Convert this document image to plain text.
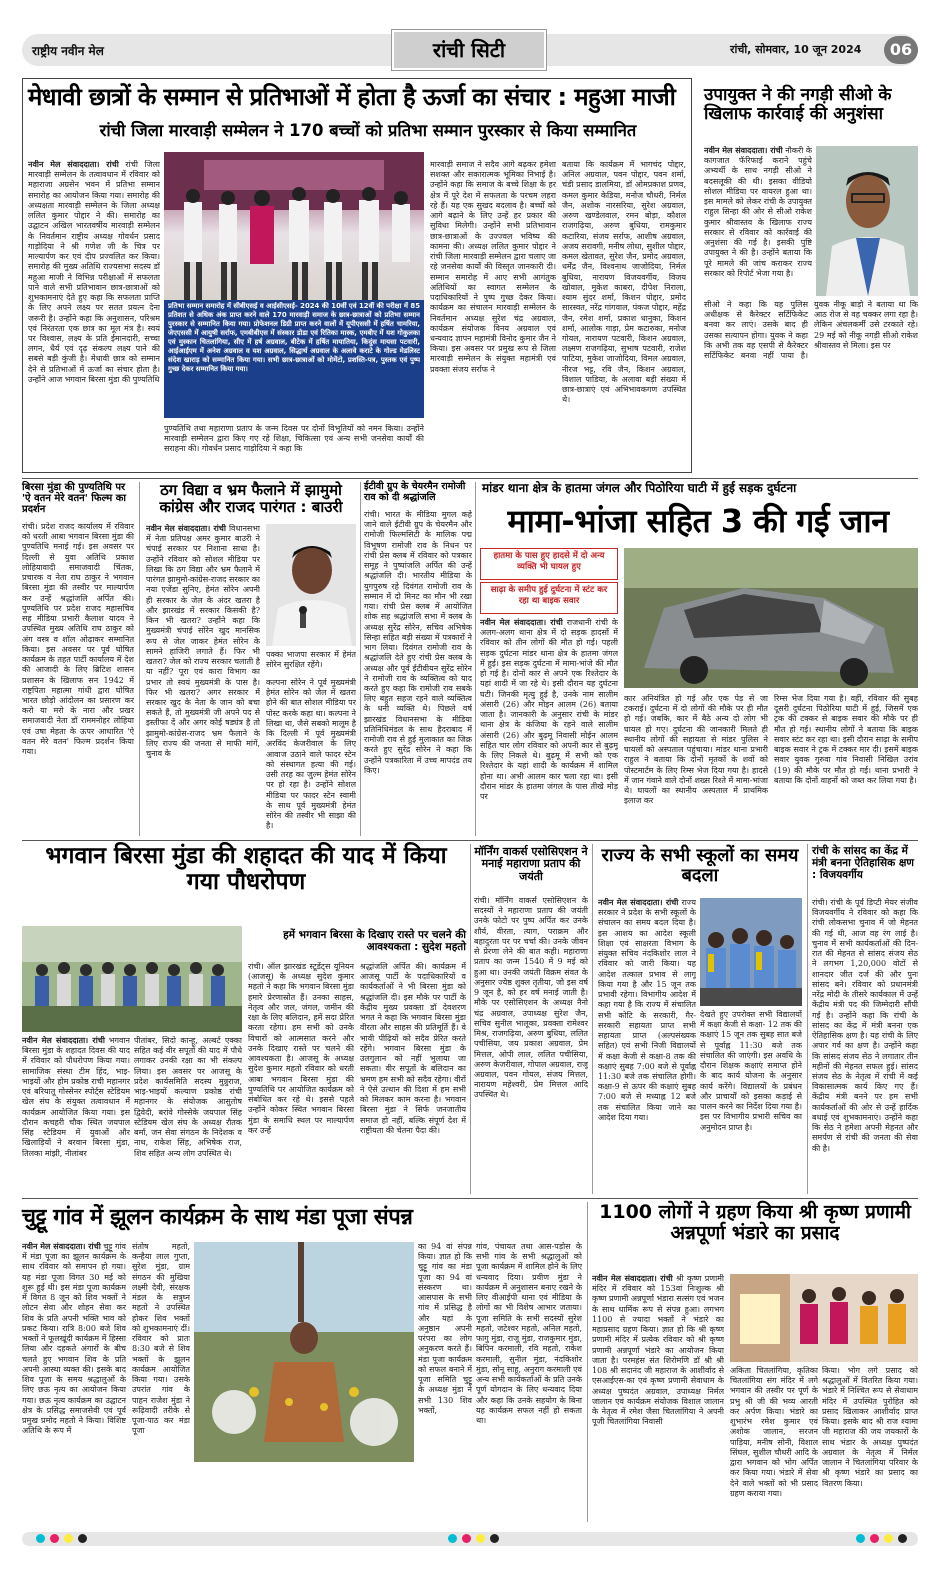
राष्ट्रीय नवीन मेल	रांची सिटी	रांची, सोमवार, 10 जून 2024	06
मेधावी छात्रों के सम्मान से प्रतिभाओं में होता है ऊर्जा का संचार : महुआ माजी
रांची जिला मारवाड़ी सम्मेलन ने 170 बच्चों को प्रतिभा सम्मान पुरस्कार से किया सम्मानित
नवीन मेल संवाददाता। रांची रांची जिला मारवाड़ी सम्मेलन के तत्वावधान में रविवार को महाराजा अग्रसेन भवन में प्रतिभा सम्मान समारोह का आयोजन किया गया। समारोह की अध्यक्षता मारवाड़ी सम्मेलन के जिला अध्यक्ष ललित कुमार पोद्दार ने की। समारोह का उद्घाटन अखिल भारतवर्षीय मारवाड़ी सम्मेलन के निवर्तमान राष्ट्रीय अध्यक्ष गोवर्धन प्रसाद गाड़ोदिया ने श्री गणेश जी के चित्र पर माल्यार्पण कर एवं दीप प्रज्वलित कर किया। समारोह की मुख्य अतिथि राज्यसभा सदस्य डॉ महुआ माजी ने विभिन्न परीक्षाओं में सफलता पाने वाले सभी प्रतिभावान छात्र-छात्राओं को शुभकामनाएं देते हुए कहा कि सफलता प्राप्ति के लिए अपने लक्ष्य पर सतत प्रयत्न देना जरूरी है। उन्होंने कहा कि अनुशासन, परिश्रम एवं निरंतरता एक छात्र का मूल मंत्र है। स्वयं पर विश्वास, लक्ष्य के प्रति ईमानदारी, सच्चा लगन, धैर्य एवं दृढ़ संकल्प लक्ष्य पाने की सबसे बड़ी कुंजी है। मेधावी छात्र को सम्मान देने से प्रतिभाओं में ऊर्जा का संचार होता है। उन्होंने आज भगवान बिरसा मुंडा की पुण्यतिथि
प्रतिभा सम्मान समारोह में सीबीएसई व आईसीएसई- 2024 की 10वीं एवं 12वीं की परीक्षा में 85 प्रतिशत से अधिक अंक प्राप्त करने वाले 170 मारवाड़ी समाज के छात्र-छात्राओं को प्रतिभा सम्मान पुरस्कार से सम्मानित किया गया। प्रोफेशनल डिग्री प्राप्त करने वालों में यूपीएससी में हर्षित चामरिया, जेएएससी में आयुषी सर्राफ, एमबीबीएस में संस्कार डोडा एवं रितिका मास्क, एमबीए में यश गोकुलका एवं मुस्कान चितलांगिया, सीए में हर्ष अग्रवाल, बीटेक में हर्षित मायातिया, किदुंस मायसा पटवारी, आईआईएम में अनेश अग्रवाल व यश अग्रवाल, सिद्धार्थ अग्रवाल के अलावे कराटे के गोल्ड मेडलिस्ट संदेश खाराड़ को सम्मानित किया गया। सभी छात्र-छात्राओं को मोमेंटो, प्रशस्ति-पत्र, पुस्तक एवं पुष्प गुच्छ देकर सम्मानित किया गया।
पुण्यतिथि तथा महाराणा प्रताप के जन्म दिवस पर दोनों विभूतियों को नमन किया। उन्होंने मारवाड़ी सम्मेलन द्वारा किए गए रहे शिक्षा, चिकित्सा एवं अन्य सभी जनसेवा कार्यों की सराहना की। गोवर्धन प्रसाद गाड़ोदिया ने कहा कि
मारवाड़ी समाज ने सदैव आगे बढ़कर हमेशा सशक्त और सकारात्मक भूमिका निभाई है। उन्होंने कहा कि समाज के बच्चे शिक्षा के हर क्षेत्र में पूरे देश में सफलता के परचम लहरा रहे हैं। यह एक सुखद बदलाव है। बच्चों को आगे बढ़ाने के लिए उन्हें हर प्रकार की सुविधा मिलेगी। उन्होंने सभी प्रतिभावान छात्र-छात्राओं के उज्ज्वल भविष्य की कामना की। अध्यक्ष ललित कुमार पोद्दार ने रांची जिला मारवाड़ी सम्मेलन द्वारा चलाए जा रहे जनसेवा कार्यों की विस्तृत जानकारी दी। सम्मान समारोह में आए सभी आगंतुक अतिथियों का स्वागत सम्मेलन के पदाधिकारियों ने पुष्प गुच्छ देकर किया। कार्यक्रम का संचालन मारवाड़ी सम्मेलन के निवर्तमान अध्यक्ष सुरेश चंद्र अग्रवाल, कार्यक्रम संयोजक विनय अग्रवाल एवं धन्यवाद ज्ञापन महामंत्री विनोद कुमार जैन ने किया। इस अवसर पर प्रमुख रूप से जिला मारवाड़ी सम्मेलन के संयुक्त महामंत्री एवं प्रवक्ता संजय सर्राफ ने
बताया कि कार्यक्रम में भागचंद पोद्दार, अनिल अग्रवाल, पवन पोद्दार, पवन शर्मा, चंडी प्रसाद डालमिया, डॉ ओमप्रकाश प्रणव, कमल कुमार केडिया, मनोज चौधरी, निर्मल जैन, अशोक नारसरिया, सुरेश अग्रवाल, अरुण खण्डेलवाल, रमन बोड़ा, कौशल राजगढ़िया, अरुण बुधिया, रामकुमार कटारिया, संजय सर्राफ, आशीष अग्रवाल, अजय सरावगी, मनीष लोधा, सुशील पोद्दार, कमल खेतावत, सुरेश जैन, प्रमोद अग्रवाल, धर्मेंद्र जैन, विश्वनाथ जाजोदिया, निर्मल बुधिया, नारायण विजयवर्गीय, विजय खोवाल, मुकेश काबरा, दीपेश निराला, श्याम सुंदर शर्मा, किशन पोद्दार, प्रमोद सारस्वत, नरेंद्र गांगवाल, पंकज पोद्दार, महेंद्र जैन, रमेश शर्मा, प्रकाश धानुका, किशन शर्मा, आलोक गाड़ा, प्रेम कटारुका, मनोज गोयल, नारायण पटवारी, किशन अग्रवाल, लक्ष्मण राजगढ़िया, सुभाष पटवारी, राजेश पाटिया, मुकेश जाजोदिया, विमल अग्रवाल, नीरज भट्ट, रवि जैन, किशन अग्रवाल, विशाल पाडिया, के अलावा बड़ी संख्या में छात्र-छात्राएं एवं अभिभावकगण उपस्थित थे।
उपायुक्त ने की नगड़ी सीओ के खिलाफ कार्रवाई की अनुशंसा
नवीन मेल संवाददाता। रांची नौकरी के कागजात फॅरिफाई कराने पहुंचे अभ्यर्थी के साथ नगड़ी सीओ ने बदसलूकी की थी। इसका वीडियो सोशल मीडिया पर वायरल हुआ था। इस मामले को लेकर रांची के उपायुक्त राहुल सिन्हा की ओर से सीओ राकेश कुमार श्रीवास्तव के खिलाफ राज्य सरकार से रविवार को कार्रवाई की अनुशंसा की गई है। इसकी पुष्टि उपायुक्त ने की है। उन्होंने बताया कि पूरे मामले की जांच कराकर राज्य सरकार को रिपोर्ट भेजा गया है।
सीओ ने कहा कि यह पुलिस अधीक्षक से कैरेक्टर सर्टिफिकेट बनवा कर लाएं। उसके बाद ही उसका सत्यापन होगा। युवक ने कहा कि अभी तक वह एसपी से कैरेक्टर सर्टिफिकेट बनवा नहीं पाया है। युवक नीकू बाड़ो ने बताया था कि आठ रोज से वह चक्कर लगा रहा है। लेकिन अंचलकर्मी उसे टरकाते रहे। 29 मई को नीकू नगड़ी सीओ राकेश श्रीवास्तव से मिला। इस पर
बिरसा मुंडा की पुण्यतिथि पर 'ऐ वतन मेरे वतन' फिल्म का प्रदर्शन
रांची। प्रदेश राजद कार्यालय में रविवार को धरती आबा भगवान बिरसा मुंडा की पुण्यतिथि मनाई गई। इस अवसर पर दिल्ली से युवा अतिथि प्रकाश लोहियावादी समाजवादी चिंतक, प्रचारक व नेता राघ ठाकुर ने भगवान बिरसा मुंडा की तस्वीर पर माल्यार्पण कर उन्हें श्रद्धांजलि अर्पित की। पुण्यतिथि पर प्रदेश राजद महासचिव सह मीडिया प्रभारी कैलाश यादव ने उपस्थित मुख्य अतिथि राघ ठाकुर को अंग वस्त्र व शॉल ओढ़ाकर सम्मानित किया। इस अवसर पर पूर्व घोषित कार्यक्रम के तहत पार्टी कार्यालय में देश की आजादी के लिए ब्रिटिश शासन प्रशासन के खिलाफ सन 1942 में राष्ट्रपिता महात्मा गांधी द्वारा घोषित भारत छोड़ो आंदोलन का प्रसारण कर करो या मरो के नारा और प्रखर समाजवादी नेता डॉ राममनोहर लोहिया एवं उषा मेहता के ऊपर आधारित 'ऐ वतन मेरे वतन' फिल्म प्रदर्शन किया गया।
ठग विद्या व भ्रम फैलाने में झामुमो कांग्रेस और राजद पारंगत : बाउरी
नवीन मेल संवाददाता। रांची विधानसभा में नेता प्रतिपक्ष अमर कुमार बाउरी ने चंपाई सरकार पर निशाना साधा है। उन्होंने रविवार को सोशल मीडिया पर लिखा कि ठग विद्या और भ्रम फैलाने में पारंगत झामुमो-कांग्रेस-राजद सरकार का नया एजेंडा सुनिए, हेमंत सोरेन अपनी ही सरकार के जेल के अंदर खतरा है और झारखंड में सरकार किसकी है? किन भी खतरा? उन्होंने कहा कि मुख्यमंत्री चंपाई सोरेन खुद मानसिक रूप से जेल जाकर हेमंत सोरेन के सामने हाजिरी लगाते हैं। फिर भी खतरा? जेल को राज्य सरकार चलाती है या नहीं? पूरा एवं कारा विभाग का प्रभार तो स्वयं मुख्यमंत्री के पास है। फिर भी खतरा? अगर सरकार में सरकार खुद के नेता के जान को बचा सकते हैं, तो मुख्यमंत्री जी अपने पद से इस्तीफा दें और अगर कोई षड्यंत्र है तो झामुमो-कांग्रेस-राजद भ्रम फैलाने के लिए राज्य की जनता से माफी मांगें, चुनाव के
पक्का भाजपा सरकार में हेमंत सोरेन सुरक्षित रहेंगे।
कल्पना सोरेन ने पूर्व मुख्यमंत्री हेमंत सोरेन को जेल में खतरा होने की बात सोशल मीडिया पर पोस्ट करके कहा था। कल्पना ने लिखा था, जैसे सबको मालूम है कि दिल्ली में पूर्व मुख्यमंत्री अरविंद केजरीवाल के लिए आवाज उठाने वाले फादर स्टेन को संस्थागत हत्या की गई। उसी तरह का जुल्म हेमंत सोरेन पर हो रहा है। उन्होंने सोशल मीडिया पर फादर स्टेन स्वामी के साथ पूर्व मुख्यमंत्री हेमंत सोरेन की तस्वीर भी साझा की है।
ईटीवी ग्रुप के चेयरमैन रामोजी राव को दी श्रद्धांजलि
रांची। भारत के मीडिया मुगल कहे जाने वाले ईटीवी ग्रुप के चेयरमैन और रामोजी फिल्मसिटी के मालिक पद्म विभूषण रामोजी राव के निधन पर रांची प्रेस क्लब में रविवार को पत्रकार समूह ने पुष्पांजलि अर्पित की उन्हें श्रद्धांजलि दी। भारतीय मीडिया के युगपुरुष रहे दिवंगत रामोजी राव के सम्मान में दो मिनट का मौन भी रखा गया। रांची प्रेस क्लब में आयोजित शोक सह श्रद्धांजलि सभा में क्लब के अध्यक्ष सुरेंद्र सोरेन, सचिव अभिषेक सिन्हा सहित बड़ी संख्या में पत्रकारों ने भाग लिया। दिवंगत रामोजी राव के श्रद्धांजलि देते हुए रांची प्रेस क्लब के अध्यक्ष और पूर्व ईटीवीयन सुरेंद्र सोरेन ने रामोजी राव के व्यक्तित्व को याद करते हुए कहा कि रामोजी राव सबके लिए बहुत सहज रहने वाले व्यक्तित्व के धनी व्यक्ति थे। पिछले वर्ष झारखंड विधानसभा के मीडिया प्रतिनिधिमंडल के साथ हैदराबाद में रामोजी राव से हुई मुलाकात का जिक्र करते हुए सुरेंद्र सोरेन ने कहा कि उन्होंने पत्रकारिता में उच्च मापदंड तय किए।
मांडर थाना क्षेत्र के हातमा जंगल और पिठोरिया घाटी में हुई सड़क दुर्घटना
मामा-भांजा सहित 3 की गई जान
हातमा के पास हुए हादसे में दो अन्य व्यक्ति भी घायल हुए
साढ़ा के समीप हुई दुर्घटना में स्टंट कर रहा था बाइक सवार
नवीन मेल संवाददाता। रांची राजधानी रांची के अलग-अलग थाना क्षेत्र में दो सड़क हादसों में रविवार को तीन लोगों की मौत हो गई। पहली सड़क दुर्घटना मांडर थाना क्षेत्र के हातमा जंगल में हुई। इस सड़क दुर्घटना में मामा-भांजे की मौत हो गई है। दोनों कार से अपने एक रिश्तेदार के यहां शादी में जा रहे थे। इसी दौरान यह दुर्घटना घटी। जिनकी मृत्यु हुई है, उनके नाम सालीम अंसारी (26) और मोइन आलम (26) बताया जाता है। जानकारी के अनुसार रांची के मांडर थाना क्षेत्र के कंजिया के रहने वाले सालीम अंसारी (26) और बुढ़मू निवासी मोईन आलम सहित चार लोग रविवार को अपनी कार से बुढ़मू के लिए निकले थे। बुढ़मू में सभी को एक रिश्तेदार के यहां शादी के कार्यक्रम में शामिल होना था। अभी आलम कार चला रहा था। इसी दौरान मांडर के हातमा जंगल के पास तीखे मोड़ पर
कार अनियंत्रित हो गई और एक पेड़ से जा टकराई। दुर्घटना में दो लोगों की मौके पर ही मौत हो गई। जबकि, कार में बैठे अन्य दो लोग भी घायल हो गए। दुर्घटना की जानकारी मिलते ही स्थानीय लोगों की सहायता से मांडर पुलिस ने घायलों को अस्पताल पहुंचाया। मांडर थाना प्रभारी राहुल ने बताया कि दोनों मृतकों के शवों को पोस्टमार्टम के लिए रिम्स भेज दिया गया है। हादसे में जान गंवाने वाले दोनों शख्स रिश्ते में मामा-भांजा थे। घायलों का स्थानीय अस्पताल में प्राथमिक इलाज कर
रिम्स भेज दिया गया है। वहीं, रविवार की सुबह दूसरी दुर्घटना पिठोरिया घाटी में हुई, जिसमें एक ट्रक की टक्कर से बाइक सवार की मौके पर ही मौत हो गई। स्थानीय लोगों ने बताया कि बाइक सवार स्टंट कर रहा था। इसी दौरान साढ़ा के समीप बाइक सवार ने ट्रक में टक्कर मार दी। इसमें बाइक सवार युवक गुरुवा गांव निवासी निखिल उरांव (19) की मौके पर मौत हो गई। थाना प्रभारी ने बताया कि दोनों वाहनों को जब्त कर लिया गया है।
भगवान बिरसा मुंडा की शहादत की याद में किया गया पौधरोपण
हमें भगवान बिरसा के दिखाए रास्ते पर चलने की आवश्यकता : सुदेश महतो
नवीन मेल संवाददाता। रांची भगवान बिरसा मुंडा के शहादत दिवस की याद में रविवार को पौधरोपण किया गया। सामाजिक संस्था टीम हिंद, भाइ-भाइयों और होम प्रकोष्ठ राची महानगर एवं बरियातू गोस्सेनर स्पोर्ट्स स्टेडियम खेल संघ के संयुक्त तत्वावधान में कार्यक्रम आयोजित किया गया। इस दौरान कचहरी चौक स्थित जयपाल सिंह स्टेडियम में युवाओं और खिलाड़ियों ने बरवान बिरसा मुंडा, तिलका मांझी, नीलांबर
पीतांबर, सिदो कान्हू, अल्बर्ट एक्का सहित कई वीर सपूतों की याद में पौधे लगाकर उनकी रक्षा का भी संकल्प लिया। इस अवसर पर आजसू के प्रदेश कार्यसमिति सदस्य मुन्नुराज, भाइ-भाइयों कल्याण प्रकोष्ठ रांची महानगर के संयोजक आसुतोष द्विवेदी, बरांवे गोस्सेके जयपाल सिंह स्टेडियम खेल संघ के अध्यक्ष रौतक बर्मा, जन सेवा संगठन के निदेशक व नाथ, राकेश सिंह, अभिषेक राज, शिव सहित अन्य लोग उपस्थित थे।
रांची। ऑल झारखंड स्टूडेंट्स यूनियन (आजसू) के अध्यक्ष सुदेश कुमार महतो ने कहा कि भगवान बिरसा मुंडा हमारे प्रेरणास्रोत हैं। उनका साहस, नेतृत्व और जल, जंगल, जमीन की रक्षा के लिए बलिदान, हमें सदा प्रेरित करता रहेगा। हम सभी को उनके विचारों को आत्मसात करने और उनके दिखाए रास्ते पर चलने की आवश्यकता है। आजसू के अध्यक्ष सुदेश कुमार महतो रविवार को धरती आबा भगवान बिरसा मुंडा की पुण्यतिथि पर आयोजित कार्यक्रम को संबोधित कर रहे थे। इससे पहले उन्होंने कोकर स्थित भगवान बिरसा मुंडा के समाधि स्थल पर माल्यार्पण कर उन्हें
श्रद्धांजलि अर्पित की। कार्यक्रम में आजसू पार्टी के पदाधिकारियों व कार्यकर्ताओं ने भी बिरसा मुंडा को श्रद्धांजलि दी। इस मौके पर पार्टी के केंद्रीय मुख्य प्रवक्ता डॉ देवशरण भगत ने कहा कि भगवान बिरसा मुंडा वीरता और साहस की प्रतिमूर्ति हैं। वे भावी पीढ़ियों को सदैव प्रेरित करते रहेंगे। भगवान बिरसा मुंडा के उलगुलान को नहीं भुलाया जा सकता। वीर सपूतों के बलिदान का भ्रमण हम सभी को सदैव रहेगा। वीरों ने ऐसे उत्थान की दिशा में हम सभी को मिलकर काम करना है। भगवान बिरसा मुंडा ने सिर्फ जनजातीय समाज हो नहीं, बल्कि संपूर्ण देश में राष्ट्रीयता की चेतना पैदा की।
मॉर्निंग वाकर्स एसोसिएशन ने मनाई महाराणा प्रताप की जयंती
रांची। मॉर्निंग वाकर्स एसोसिएशन के सदस्यों ने महाराणा प्रताप की जयंती उनके फोटो पर पुष्प अर्पित कर उनके शौर्य, वीरता, त्याग, पराक्रम और बहादुरता पर पर चर्चा की। उनके जीवन से प्रेरणा लेने की बात कही। महाराणा प्रताप का जन्म 1540 में 9 मई को हुआ था। उनकी जयंती विक्रम संवत के अनुसार ज्येष्ठ शुक्ल तृतीया, जो इस वर्ष 9 जून है, को हर वर्ष मनाई जाती है। मौके पर एसोसिएशन के अध्यक्ष नैनो चंद्र अग्रवाल, उपाध्यक्ष सुरेश जैन, सचिव सुनील भालूका, प्रवक्ता रामेश्वर मिश्र, राजगढ़िया, अरुण बुधिया, ललित पचीसिया, जय प्रकाश अग्रवाल, प्रेम मित्तल, ओपी लाल, ललित पचीसिया, अरुण केजरीवाल, गोपाल अग्रवाल, राजू अग्रवाल, पवन गोयल, संजय मित्तल, नारायण महेश्वरी, प्रेम मित्तल आदि उपस्थित थे।
राज्य के सभी स्कूलों का समय बदला
नवीन मेल संवाददाता। रांची राज्य सरकार ने प्रदेश के सभी स्कूलों के संचालन का समय बदल दिया है। इस आशय का आदेश स्कूली शिक्षा एवं साक्षरता विभाग के संयुक्त सचिव नंदकिशोर लाल ने रविवार को जारी किया। यह आदेश तत्काल प्रभाव से लागू किया गया है और 15 जून तक प्रभावी रहेगा। विभागीय आदेश में कहा गया है कि राज्य में संचालित सभी कोटि के सरकारी, गैर-सरकारी सहायता प्राप्त सभी सहायता प्राप्त (अल्पसंख्यक सहित) एवं सभी निजी विद्यालयों में कक्षा केजी से कक्षा-8 तक की कक्षाएं सुबह 7:00 बजे से पूर्वाह्न 11:30 बजे तक संचालित होगी। कक्षा-9 से ऊपर की कक्षाएं सुबह 7:00 बजे से मध्याह्न 12 बजे तक संचालित किया जाने का आदेश दिया गया।
देखते हुए उपरोक्त सभी विद्यालयों में कक्षा केजी से कक्षा- 12 तक की कक्षाएं 15 जून तक सुबह सात बजे से पूर्वाह्न 11:30 बजे तक संचालित की जाएंगी। इस अवधि के दौरान शिक्षक कक्षाएं समाप्त होने के बाद कार्य योजना के अनुसार कार्य करेंगे। विद्यालयों के प्रबंधन और प्राचार्यों को इसका कड़ाई से पालन करने का निर्देश दिया गया है। इस पर विभागीय प्रभारी सचिव का अनुमोदन प्राप्त है।
रांची के सांसद का केंद्र में मंत्री बनना ऐतिहासिक क्षण : विजयवर्गीय
रांची। रांची के पूर्व डिप्टी मेयर संजीव विजयवर्गीय ने रविवार को कहा कि रांची लोकसभा चुनाव में जो मेहनत की गई थी, आज वह रंग लाई है। चुनाव में सभी कार्यकर्ताओं की दिन-रात की मेहनत से सांसद संजय सेठ ने लगभग 1,20,000 वोटों से शानदार जीत दर्ज की और पुनः सांसद बने। रविवार को प्रधानमंत्री नरेंद्र मोदी के तीसरे कार्यकाल में उन्हें केंद्रीय मंत्री पद की जिम्मेदारी सौंपी गई है। उन्होंने कहा कि रांची के सांसद का केंद्र में मंत्री बनना एक ऐतिहासिक क्षण है। यह रांची के लिए अपार गर्व का क्षण है। उन्होंने कहा कि सांसद संजय सेठ ने लगातार तीन महीनों की मेहनत सफल हुई। सांसद संजय सेठ के नेतृत्व में रांची में कई विकासात्मक कार्य किए गए हैं। केंद्रीय मंत्री बनने पर हम सभी कार्यकर्ताओं की ओर से उन्हें हार्दिक बधाई एवं शुभकामनाएं। उन्होंने कहा कि सेठ ने हमेशा अपनी मेहनत और समर्पण से रांची की जनता की सेवा की है।
चुट्टू गांव में झूलन कार्यक्रम के साथ मंडा पूजा संपन्न
नवीन मेल संवाददाता। रांची चुट्टू गांव में मंडा पूजा का झूलन कार्यक्रम के साथ रविवार को समापन हो गया। यह मंडा पूजा विगत 30 मई को शुरू हुई थी। इस मंडा पूजा कार्यक्रम में विगत 8 जून को शिव भक्तों ने लोटन सेवा और शोहन सेवा कर शिव के प्रति अपनी भक्ति भाव को प्रकट किया। रात्रि 8:00 बजे शिव भक्तों ने फूलखूंदी कार्यक्रम में हिस्सा लिया और दहकते अंगारों के बीच चलते हुए भगवान शिव के प्रति अपनी आस्था व्यक्त की। इसके बाद शिव पूजा के समय श्रद्धालुओं के लिए छऊ नृत्य का आयोजन किया गया। छऊ नृत्य कार्यक्रम का उद्घाटन क्षेत्र के प्रसिद्ध समाजसेवी एवं पूर्व प्रमुख प्रमोद महतो ने किया। विशिष्ट अतिथि के रूप में
संतोष महतो, कन्हैया लाल गुप्ता, सुरेश मुंडा, ग्राम संगठन की मुखिया लक्ष्मी देवी, संरक्षक मंडल के सत्रुघ्न महतो ने उपस्थित होकर शिव भक्तों को शुभकामनाएं दीं। रविवार को प्रातः 8:30 बजे से शिव भक्तों के झूलन कार्यक्रम आयोजित किया गया। उसके उपरांत गांव के पाहन राजेश मुंडा ने रूढ़िवादी तरीके से पूजा-पाठ कर मंडा पूजा
का 94 वां संपन्न किया। ज्ञात हो कि चुट्टू गांव का मंडा पूजा का 94 वां संस्करण था। आसपास के सभी गांव में प्रसिद्ध है और यहां के अनुष्ठान अपनी परंपरा का लोग अनुकरण करते हैं। मंडा पूजा कार्यक्रम को सफल बनाने में पूजा समिति चुट्टू के अध्यक्ष मुंडा ने सभी 130 शिव भक्तों,
गांव, पंचायत तथा आस-पड़ोस के सभी गांव के सभी श्रद्धालुओं को पूजा कार्यक्रम में शामिल होने के लिए धन्यवाद दिया। प्रवीण मुंडा ने कार्यक्रम में अनुशासन बनाए रखने के लिए वीआईपी थाना एवं मीडिया के लोगों का भी विशेष आभार जताया। पूजा समिति के सभी सदस्यों सुरेश महतो, जटेश्वर महतो, अनिल महतो, फागु मुंडा, राजू मुंडा, राजकुमार मुंडा, बिपिन करमाली, रवि महतो, राकेश करमाली, सुनील मुंडा, नंदकिशोर मुंडा, सोनू साहू, अनुराग करमाली एवं अन्य सभी कार्यकर्ताओं के प्रति उनके पूर्ण योगदान के लिए धन्यवाद दिया और कहा कि उनके सहयोग के बिना यह कार्यक्रम सफल नहीं हो सकता था।
1100 लोगों ने ग्रहण किया श्री कृष्ण प्रणामी अन्नपूर्णा भंडारे का प्रसाद
नवीन मेल संवाददाता। रांची श्री कृष्ण प्रणामी मंदिर में रविवार को 153वां निःशुल्क श्री कृष्ण प्रणामी अन्नपूर्णा भंडारा सत्संग एवं भजन के साथ धार्मिक रूप से संपन्न हुआ। लगभग 1100 से ज्यादा भक्तों ने भंडारे का महाप्रसाद ग्रहण किया। ज्ञात हो कि श्री कृष्ण प्रणामी मंदिर में प्रत्येक रविवार को श्री कृष्ण प्रणामी अन्नपूर्णा भंडारे का आयोजन किया जाता है। परमहंस संत शिरोमणि डॉ श्री श्री 108 श्री सदानंद जी महाराज के आशीर्वाद से एसआईएस-का एवं कृष्ण प्रणामी सेवाधाम के अध्यक्ष पुष्पदंत अग्रवाल, उपाध्यक्ष निर्मल जालान एवं कार्यक्रम संयोजक विशाल जालान के नेतृत्व में रमेश जैसा चितलांगिया ने अपनी पूजी चितलांगिया निवासी
अकिता चितलांगिया, कृतिका चितलांगिया संग मंदिर में लगे भगवान की तस्वीर पर पूर्ण के प्रभु श्री जी की भव्य आरती कर अर्पण किया। भंडारे का शुभारंभ रमेश कुमार एवं अशोक जालान, सरजन पाड़िया, मनीष सोनी, विशाल सिंघल, सुशील चौधरी आदि के द्वारा भगवान को भोग अर्पित कर किया गया। भंडारे में सेवा देने वाले भक्तों को भी प्रसाद ग्रहण कराया गया।
किया। भोग लगे प्रसाद को श्रद्धालुओं में वितरित किया गया। भंडारे में निश्चित रूप से सेवाधाम मंदिर में उपस्थित पुरोहित को प्रसाद खिलाकर आशीर्वाद प्राप्त किया। इसके बाद श्री राज श्यामा जी महाराज की जय जयकारों के साथ भंडार के अध्यक्ष पुष्पदंत अग्रवाल के नेतृत्व में निर्मल जालान ने चितलांगिया परिवार के श्री कृष्ण भंडारे का प्रसाद का वितरण किया।
